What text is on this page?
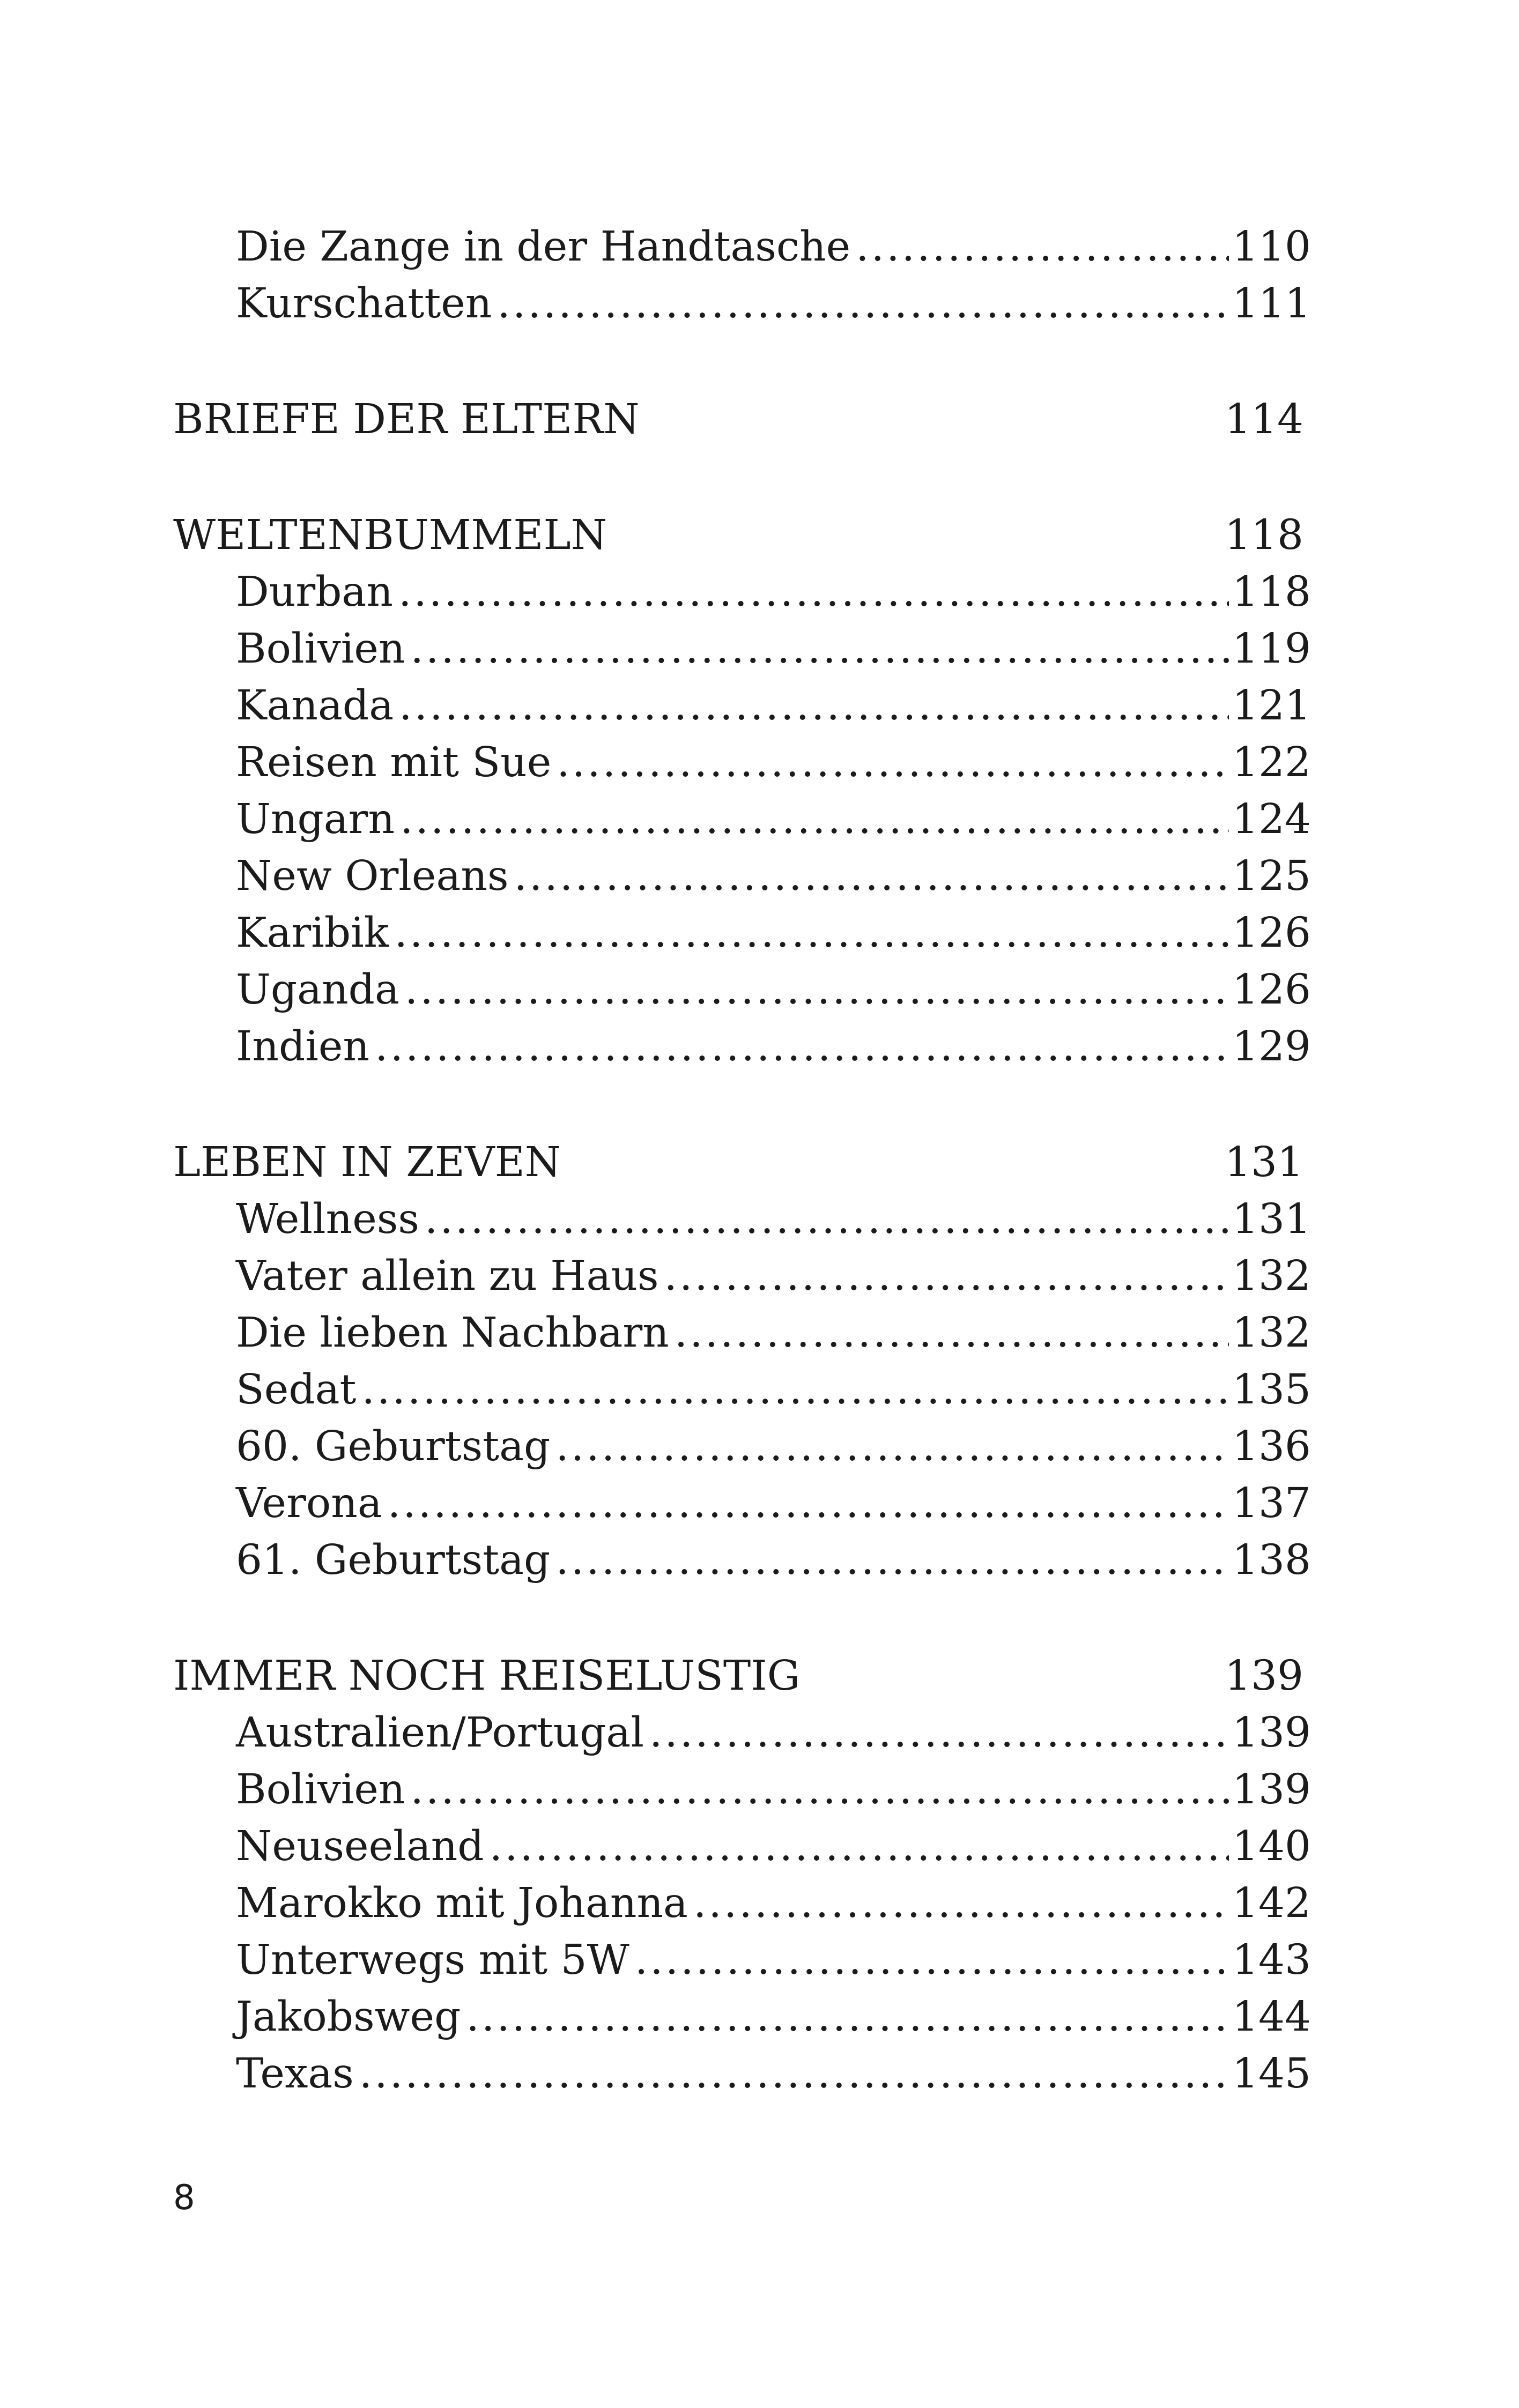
Die Zange in der Handtasche .....	110
Kurschatten .....	111
BRIEFE DER ELTERN	114
WELTENBUMMELN	118
Durban .....	118
Bolivien .....	119
Kanada .....	121
Reisen mit Sue .....	122
Ungarn .....	124
New Orleans .....	125
Karibik .....	126
Uganda .....	126
Indien .....	129
LEBEN IN ZEVEN	131
Wellness .....	131
Vater allein zu Haus .....	132
Die lieben Nachbarn .....	132
Sedat .....	135
60. Geburtstag .....	136
Verona .....	137
61. Geburtstag .....	138
IMMER NOCH REISELUSTIG	139
Australien/Portugal .....	139
Bolivien .....	139
Neuseeland .....	140
Marokko mit Johanna .....	142
Unterwegs mit 5W .....	143
Jakobsweg .....	144
Texas .....	145
8
